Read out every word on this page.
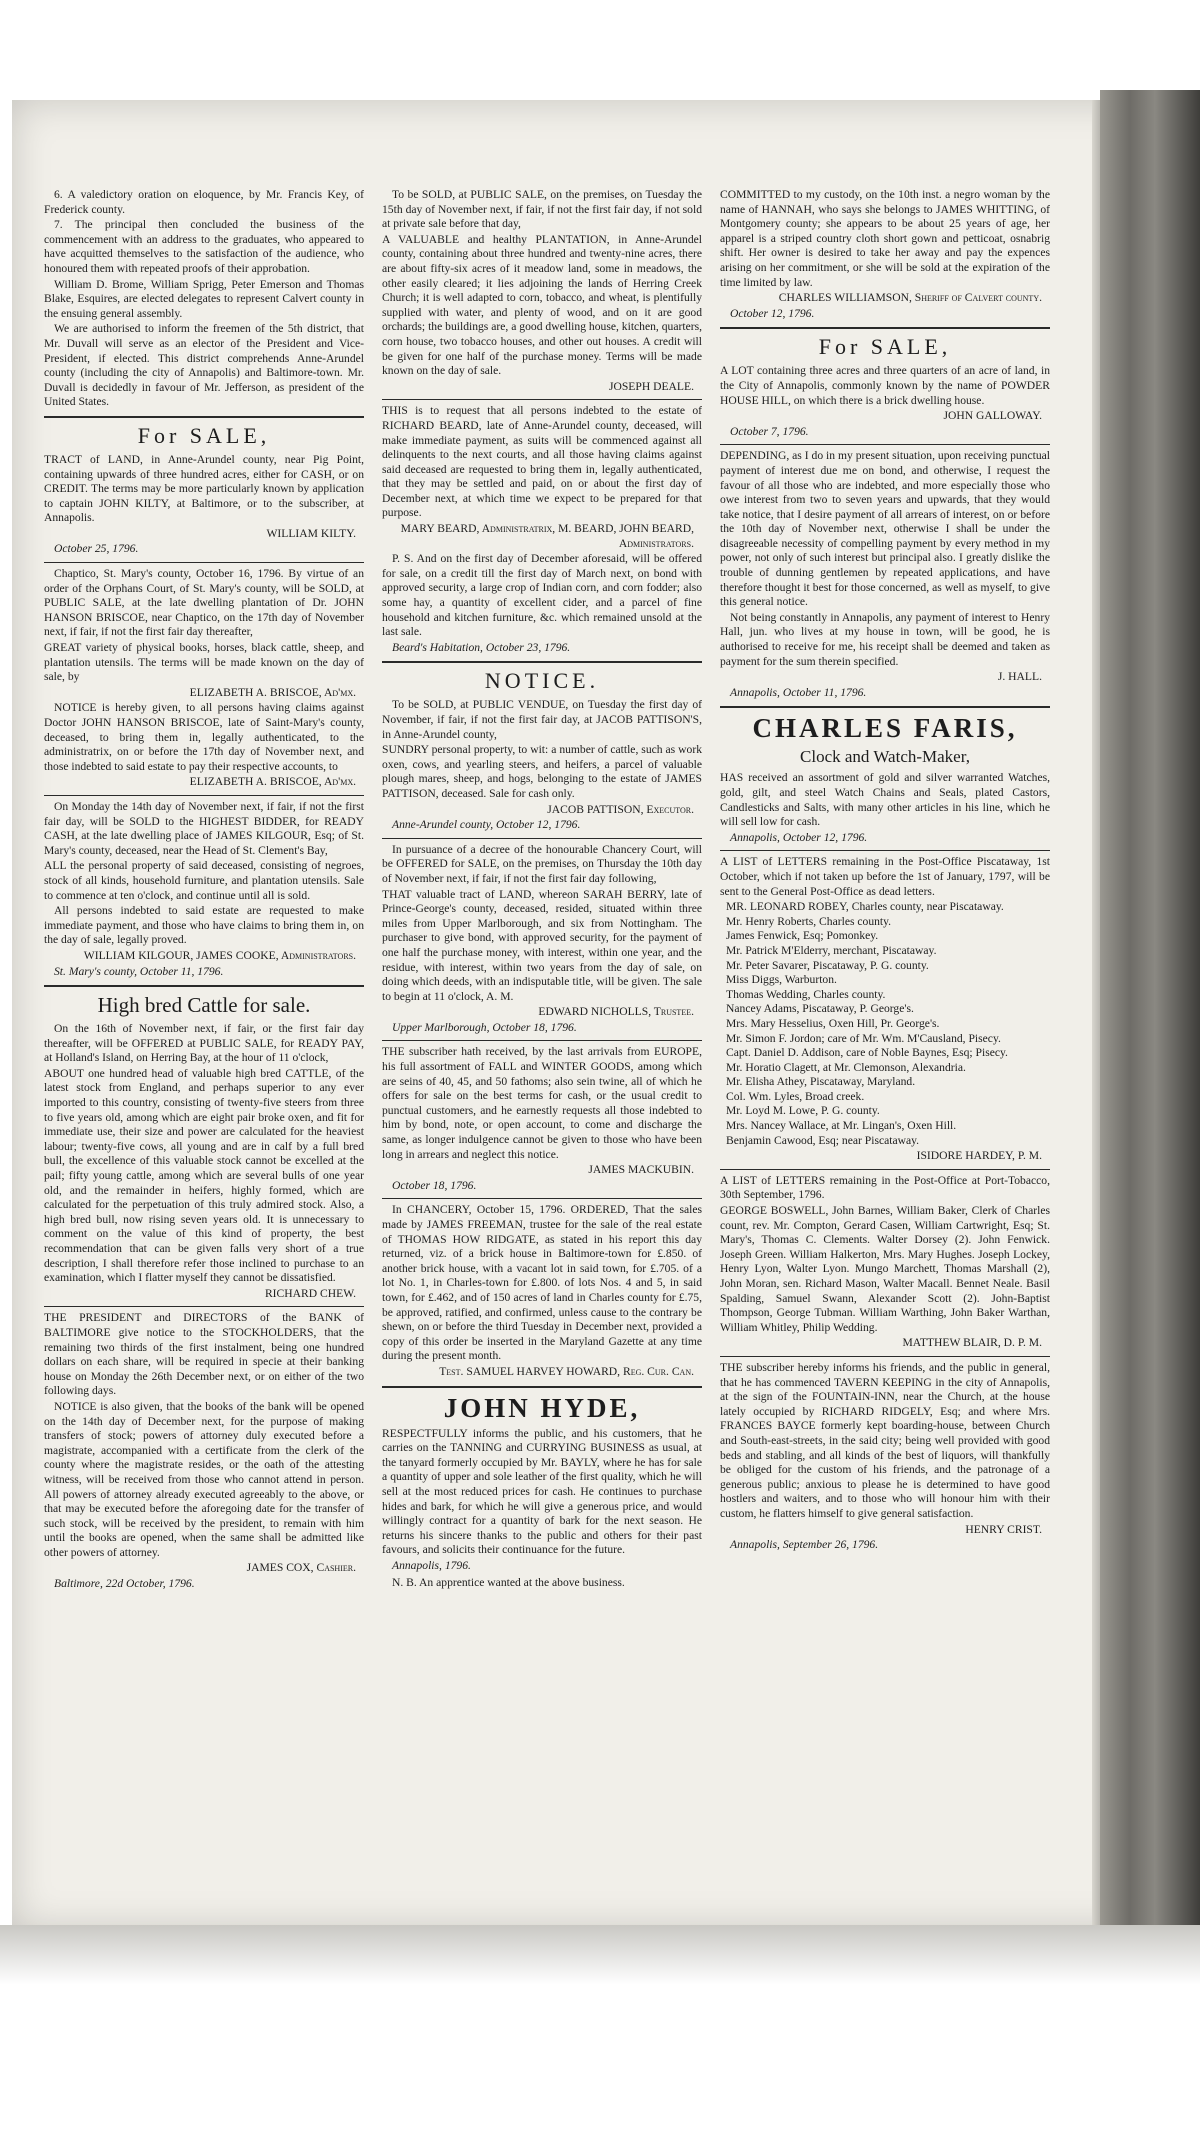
6. A valedictory oration on eloquence, by Mr. Francis Key, of Frederick county.

7. The principal then concluded the business of the commencement with an address to the graduates, who appeared to have acquitted themselves to the satisfaction of the audience, who honoured them with repeated proofs of their approbation.

William D. Brome, William Sprigg, Peter Emerson and Thomas Blake, Esquires, are elected delegates to represent Calvert county in the ensuing general assembly.

We are authorised to inform the freemen of the 5th district, that Mr. Duvall will serve as an elector of the President and Vice-President, if elected. This district comprehends Anne-Arundel county (including the city of Annapolis) and Baltimore-town. Mr. Duvall is decidedly in favour of Mr. Jefferson, as president of the United States.

For SALE,

TRACT of LAND, in Anne-Arundel county, near Pig Point, containing upwards of three hundred acres, either for CASH, or on CREDIT. The terms may be more particularly known by application to captain JOHN KILTY, at Baltimore, or to the subscriber, at Annapolis.

WILLIAM KILTY.
October 25, 1796.

Chaptico, St. Mary's county, October 16, 1796. By virtue of an order of the Orphans Court, of St. Mary's county, will be SOLD, at PUBLIC SALE, at the late dwelling plantation of Dr. JOHN HANSON BRISCOE, near Chaptico, on the 17th day of November next, if fair, if not the first fair day thereafter,

GREAT variety of physical books, horses, black cattle, sheep, and plantation utensils. The terms will be made known on the day of sale, by

ELIZABETH A. BRISCOE, Ad'mx.

NOTICE is hereby given, to all persons having claims against Doctor JOHN HANSON BRISCOE, late of Saint-Mary's county, deceased, to bring them in, legally authenticated, to the administratrix, on or before the 17th day of November next, and those indebted to said estate to pay their respective accounts, to

ELIZABETH A. BRISCOE, Ad'mx.

On Monday the 14th day of November next, if fair, if not the first fair day, will be SOLD to the HIGHEST BIDDER, for READY CASH, at the late dwelling place of JAMES KILGOUR, Esq; of St. Mary's county, deceased, near the Head of St. Clement's Bay,

ALL the personal property of said deceased, consisting of negroes, stock of all kinds, household furniture, and plantation utensils. Sale to commence at ten o'clock, and continue until all is sold.

All persons indebted to said estate are requested to make immediate payment, and those who have claims to bring them in, on the day of sale, legally proved.

WILLIAM KILGOUR, JAMES COOKE, Administrators.
St. Mary's county, October 11, 1796.
High bred Cattle for sale.

On the 16th of November next, if fair, or the first fair day thereafter, will be OFFERED at PUBLIC SALE, for READY PAY, at Holland's Island, on Herring Bay, at the hour of 11 o'clock,

ABOUT one hundred head of valuable high bred CATTLE, of the latest stock from England, and perhaps superior to any ever imported to this country, consisting of twenty-five steers from three to five years old, among which are eight pair broke oxen, and fit for immediate use, their size and power are calculated for the heaviest labour; twenty-five cows, all young and are in calf by a full bred bull, the excellence of this valuable stock cannot be excelled at the pail; fifty young cattle, among which are several bulls of one year old, and the remainder in heifers, highly formed, which are calculated for the perpetuation of this truly admired stock. Also, a high bred bull, now rising seven years old. It is unnecessary to comment on the value of this kind of property, the best recommendation that can be given falls very short of a true description, I shall therefore refer those inclined to purchase to an examination, which I flatter myself they cannot be dissatisfied.

RICHARD CHEW.

THE PRESIDENT and DIRECTORS of the BANK of BALTIMORE give notice to the STOCKHOLDERS, that the remaining two thirds of the first instalment, being one hundred dollars on each share, will be required in specie at their banking house on Monday the 26th December next, or on either of the two following days.

NOTICE is also given, that the books of the bank will be opened on the 14th day of December next, for the purpose of making transfers of stock; powers of attorney duly executed before a magistrate, accompanied with a certificate from the clerk of the county where the magistrate resides, or the oath of the attesting witness, will be received from those who cannot attend in person. All powers of attorney already executed agreeably to the above, or that may be executed before the aforegoing date for the transfer of such stock, will be received by the president, to remain with him until the books are opened, when the same shall be admitted like other powers of attorney.

JAMES COX, Cashier.
Baltimore, 22d October, 1796.

To be SOLD, at PUBLIC SALE, on the premises, on Tuesday the 15th day of November next, if fair, if not the first fair day, if not sold at private sale before that day,

A VALUABLE and healthy PLANTATION, in Anne-Arundel county, containing about three hundred and twenty-nine acres, there are about fifty-six acres of it meadow land, some in meadows, the other easily cleared; it lies adjoining the lands of Herring Creek Church; it is well adapted to corn, tobacco, and wheat, is plentifully supplied with water, and plenty of wood, and on it are good orchards; the buildings are, a good dwelling house, kitchen, quarters, corn house, two tobacco houses, and other out houses. A credit will be given for one half of the purchase money. Terms will be made known on the day of sale.

JOSEPH DEALE.

THIS is to request that all persons indebted to the estate of RICHARD BEARD, late of Anne-Arundel county, deceased, will make immediate payment, as suits will be commenced against all delinquents to the next courts, and all those having claims against said deceased are requested to bring them in, legally authenticated, that they may be settled and paid, on or about the first day of December next, at which time we expect to be prepared for that purpose.

MARY BEARD, Administratrix, M. BEARD, JOHN BEARD, Administrators.

P. S. And on the first day of December aforesaid, will be offered for sale, on a credit till the first day of March next, on bond with approved security, a large crop of Indian corn, and corn fodder; also some hay, a quantity of excellent cider, and a parcel of fine household and kitchen furniture, &c. which remained unsold at the last sale.

Beard's Habitation, October 23, 1796.
NOTICE.

To be SOLD, at PUBLIC VENDUE, on Tuesday the first day of November, if fair, if not the first fair day, at JACOB PATTISON'S, in Anne-Arundel county,

SUNDRY personal property, to wit: a number of cattle, such as work oxen, cows, and yearling steers, and heifers, a parcel of valuable plough mares, sheep, and hogs, belonging to the estate of JAMES PATTISON, deceased. Sale for cash only.

JACOB PATTISON, Executor.
Anne-Arundel county, October 12, 1796.

In pursuance of a decree of the honourable Chancery Court, will be OFFERED for SALE, on the premises, on Thursday the 10th day of November next, if fair, if not the first fair day following,

THAT valuable tract of LAND, whereon SARAH BERRY, late of Prince-George's county, deceased, resided, situated within three miles from Upper Marlborough, and six from Nottingham. The purchaser to give bond, with approved security, for the payment of one half the purchase money, with interest, within one year, and the residue, with interest, within two years from the day of sale, on doing which deeds, with an indisputable title, will be given. The sale to begin at 11 o'clock, A. M.

EDWARD NICHOLLS, Trustee.
Upper Marlborough, October 18, 1796.

THE subscriber hath received, by the last arrivals from EUROPE, his full assortment of FALL and WINTER GOODS, among which are seins of 40, 45, and 50 fathoms; also sein twine, all of which he offers for sale on the best terms for cash, or the usual credit to punctual customers, and he earnestly requests all those indebted to him by bond, note, or open account, to come and discharge the same, as longer indulgence cannot be given to those who have been long in arrears and neglect this notice.

JAMES MACKUBIN.
October 18, 1796.

In CHANCERY, October 15, 1796. ORDERED, That the sales made by JAMES FREEMAN, trustee for the sale of the real estate of THOMAS HOW RIDGATE, as stated in his report this day returned, viz. of a brick house in Baltimore-town for £.850. of another brick house, with a vacant lot in said town, for £.705. of a lot No. 1, in Charles-town for £.800. of lots Nos. 4 and 5, in said town, for £.462, and of 150 acres of land in Charles county for £.75, be approved, ratified, and confirmed, unless cause to the contrary be shewn, on or before the third Tuesday in December next, provided a copy of this order be inserted in the Maryland Gazette at any time during the present month.

Test. SAMUEL HARVEY HOWARD, Reg. Cur. Can.
JOHN HYDE,

RESPECTFULLY informs the public, and his customers, that he carries on the TANNING and CURRYING BUSINESS as usual, at the tanyard formerly occupied by Mr. BAYLY, where he has for sale a quantity of upper and sole leather of the first quality, which he will sell at the most reduced prices for cash. He continues to purchase hides and bark, for which he will give a generous price, and would willingly contract for a quantity of bark for the next season. He returns his sincere thanks to the public and others for their past favours, and solicits their continuance for the future.

Annapolis, 1796.

N. B. An apprentice wanted at the above business.

COMMITTED to my custody, on the 10th inst. a negro woman by the name of HANNAH, who says she belongs to JAMES WHITTING, of Montgomery county; she appears to be about 25 years of age, her apparel is a striped country cloth short gown and petticoat, osnabrig shift. Her owner is desired to take her away and pay the expences arising on her commitment, or she will be sold at the expiration of the time limited by law.

CHARLES WILLIAMSON, Sheriff of Calvert county.
October 12, 1796.
For SALE,

A LOT containing three acres and three quarters of an acre of land, in the City of Annapolis, commonly known by the name of POWDER HOUSE HILL, on which there is a brick dwelling house.

JOHN GALLOWAY.
October 7, 1796.

DEPENDING, as I do in my present situation, upon receiving punctual payment of interest due me on bond, and otherwise, I request the favour of all those who are indebted, and more especially those who owe interest from two to seven years and upwards, that they would take notice, that I desire payment of all arrears of interest, on or before the 10th day of November next, otherwise I shall be under the disagreeable necessity of compelling payment by every method in my power, not only of such interest but principal also. I greatly dislike the trouble of dunning gentlemen by repeated applications, and have therefore thought it best for those concerned, as well as myself, to give this general notice.

Not being constantly in Annapolis, any payment of interest to Henry Hall, jun. who lives at my house in town, will be good, he is authorised to receive for me, his receipt shall be deemed and taken as payment for the sum therein specified.

J. HALL.
Annapolis, October 11, 1796.
CHARLES FARIS,
Clock and Watch-Maker,

HAS received an assortment of gold and silver warranted Watches, gold, gilt, and steel Watch Chains and Seals, plated Castors, Candlesticks and Salts, with many other articles in his line, which he will sell low for cash.

Annapolis, October 12, 1796.

A LIST of LETTERS remaining in the Post-Office Piscataway, 1st October, which if not taken up before the 1st of January, 1797, will be sent to the General Post-Office as dead letters.

MR. LEONARD ROBEY, Charles county, near Piscataway.
Mr. Henry Roberts, Charles county.
James Fenwick, Esq; Pomonkey.
Mr. Patrick M'Elderry, merchant, Piscataway.
Mr. Peter Savarer, Piscataway, P. G. county.
Miss Diggs, Warburton.
Thomas Wedding, Charles county.
Nancey Adams, Piscataway, P. George's.
Mrs. Mary Hesselius, Oxen Hill, Pr. George's.
Mr. Simon F. Jordon; care of Mr. Wm. M'Causland, Pisecy.
Capt. Daniel D. Addison, care of Noble Baynes, Esq; Pisecy.
Mr. Horatio Clagett, at Mr. Clemonson, Alexandria.
Mr. Elisha Athey, Piscataway, Maryland.
Col. Wm. Lyles, Broad creek.
Mr. Loyd M. Lowe, P. G. county.
Mrs. Nancey Wallace, at Mr. Lingan's, Oxen Hill.
Benjamin Cawood, Esq; near Piscataway.
ISIDORE HARDEY, P. M.

A LIST of LETTERS remaining in the Post-Office at Port-Tobacco, 30th September, 1796.

GEORGE BOSWELL, John Barnes, William Baker, Clerk of Charles count, rev. Mr. Compton, Gerard Casen, William Cartwright, Esq; St. Mary's, Thomas C. Clements. Walter Dorsey (2). John Fenwick. Joseph Green. William Halkerton, Mrs. Mary Hughes. Joseph Lockey, Henry Lyon, Walter Lyon. Mungo Marchett, Thomas Marshall (2), John Moran, sen. Richard Mason, Walter Macall. Bennet Neale. Basil Spalding, Samuel Swann, Alexander Scott (2). John-Baptist Thompson, George Tubman. William Warthing, John Baker Warthan, William Whitley, Philip Wedding.

MATTHEW BLAIR, D. P. M.

THE subscriber hereby informs his friends, and the public in general, that he has commenced TAVERN KEEPING in the city of Annapolis, at the sign of the FOUNTAIN-INN, near the Church, at the house lately occupied by RICHARD RIDGELY, Esq; and where Mrs. FRANCES BAYCE formerly kept boarding-house, between Church and South-east-streets, in the said city; being well provided with good beds and stabling, and all kinds of the best of liquors, will thankfully be obliged for the custom of his friends, and the patronage of a generous public; anxious to please he is determined to have good hostlers and waiters, and to those who will honour him with their custom, he flatters himself to give general satisfaction.

HENRY CRIST.
Annapolis, September 26, 1796.
